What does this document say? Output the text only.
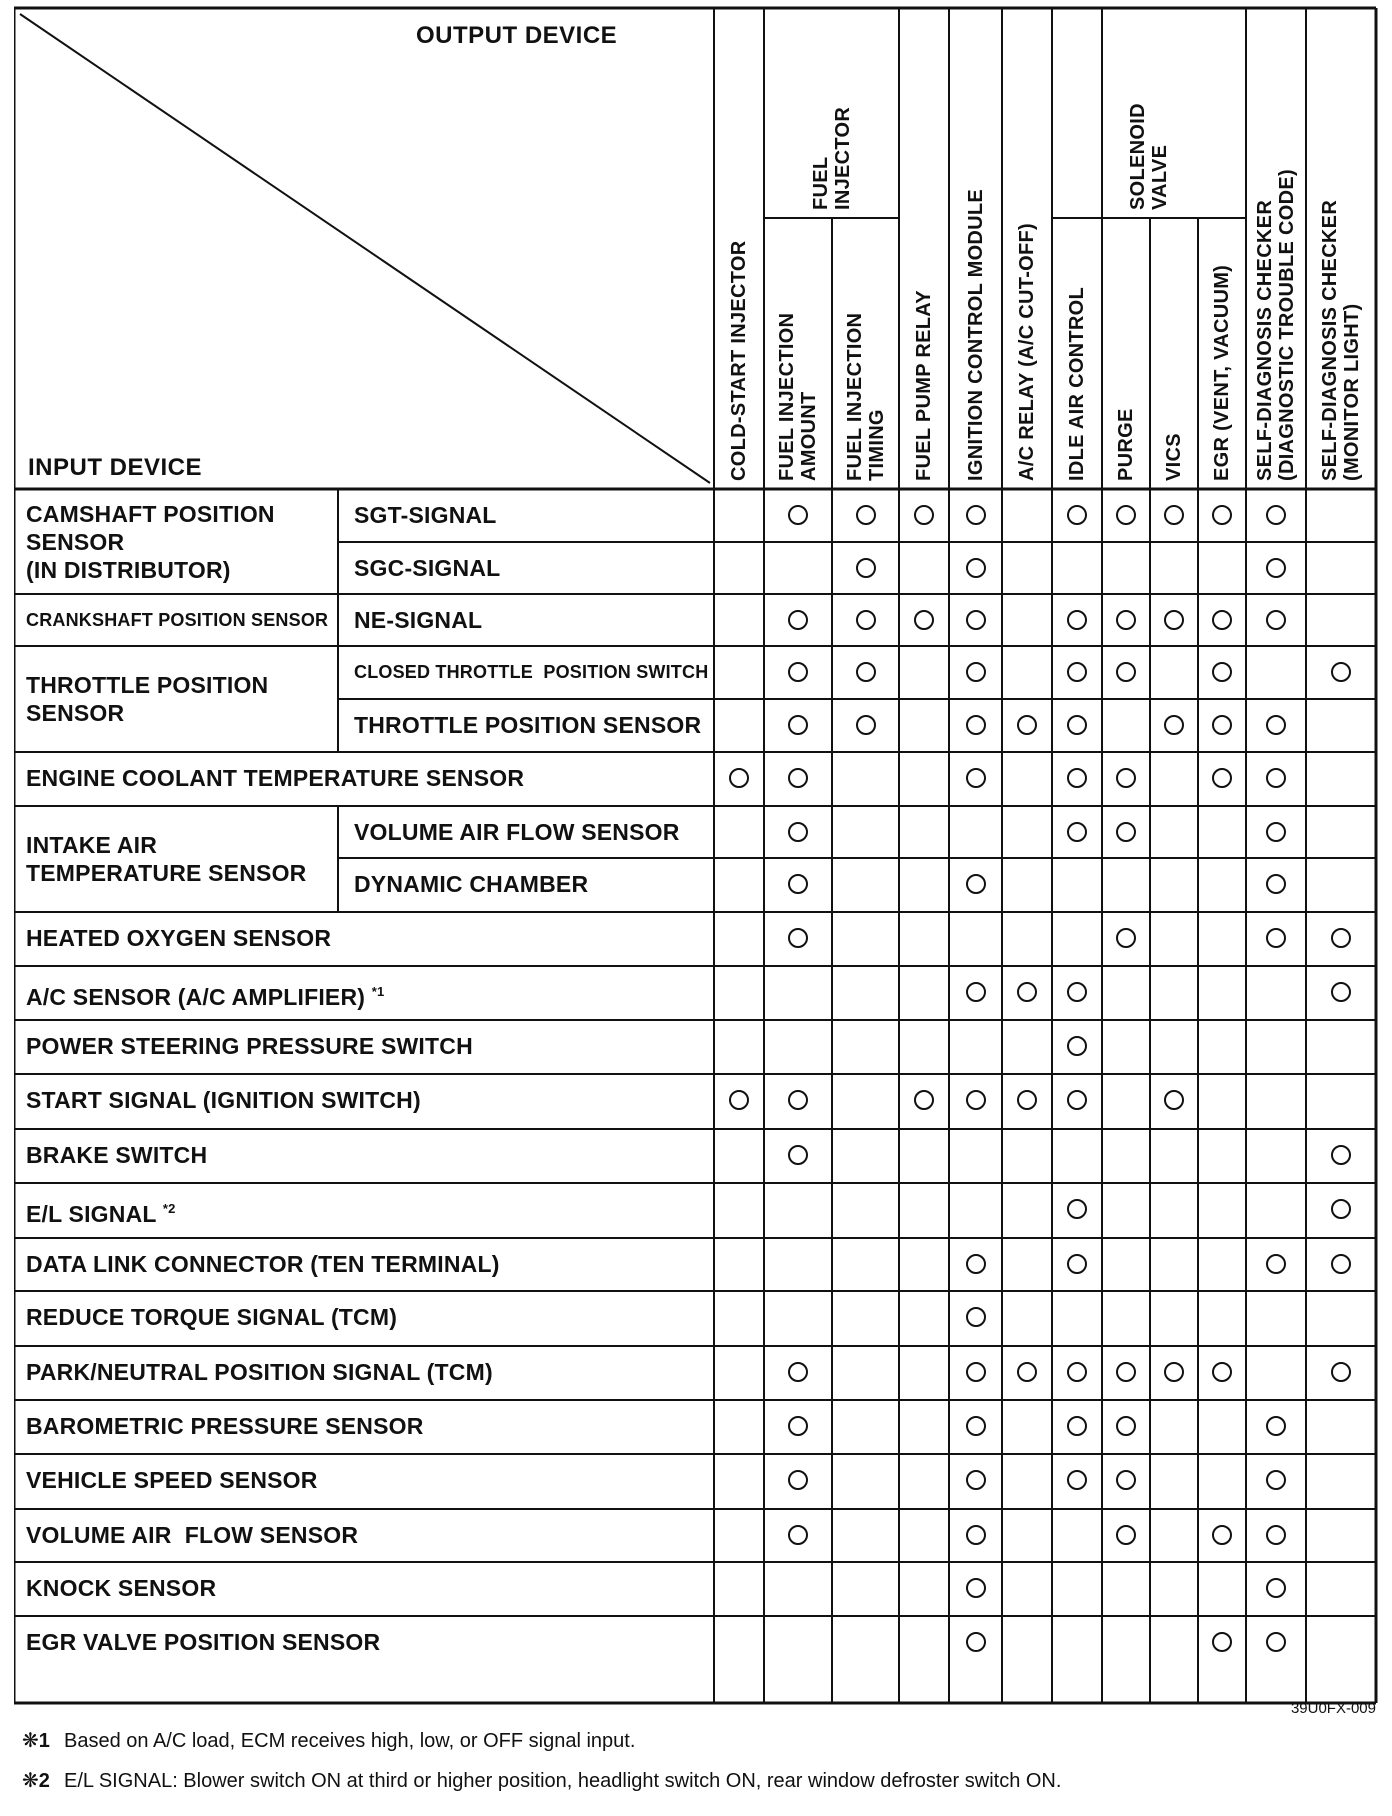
OUTPUT DEVICE
INPUT DEVICE	COLD-START INJECTOR FUEL INJECTION
AMOUNT FUEL INJECTION
TIMING FUEL PUMP RELAY IGNITION CONTROL MODULE A/C RELAY (A/C CUT-OFF) IDLE AIR CONTROL PURGE VICS EGR (VENT, VACUUM) SELF-DIAGNOSIS CHECKER
(DIAGNOSTIC TROUBLE CODE)
SELF-DIAGNOSIS CHECKER
(MONITOR LIGHT)
FUEL
INJECTOR	SOLENOID
VALVE
CAMSHAFT POSITION
SENSOR
(IN DISTRIBUTOR)
CRANKSHAFT POSITION SENSOR
THROTTLE POSITION
SENSOR
INTAKE AIR
TEMPERATURE SENSOR
SGT-SIGNAL
SGC-SIGNAL
NE-SIGNAL
CLOSED THROTTLE  POSITION SWITCH
THROTTLE POSITION SENSOR
ENGINE COOLANT TEMPERATURE SENSOR
VOLUME AIR FLOW SENSOR
DYNAMIC CHAMBER
HEATED OXYGEN SENSOR
A/C SENSOR (A/C AMPLIFIER) $^{*1}$
POWER STEERING PRESSURE SWITCH
START SIGNAL (IGNITION SWITCH)
BRAKE SWITCH
E/L SIGNAL $^{*2}$
DATA LINK CONNECTOR (TEN TERMINAL)
REDUCE TORQUE SIGNAL (TCM)
PARK/NEUTRAL POSITION SIGNAL (TCM)
BAROMETRIC PRESSURE SENSOR
VEHICLE SPEED SENSOR
VOLUME AIR  FLOW SENSOR
KNOCK SENSOR
EGR VALVE POSITION SENSOR
39U0FX-009
❋1 Based on A/C load, ECM receives high, low, or OFF signal input.
❋2 E/L SIGNAL: Blower switch ON at third or higher position, headlight switch ON, rear window defroster switch ON.
